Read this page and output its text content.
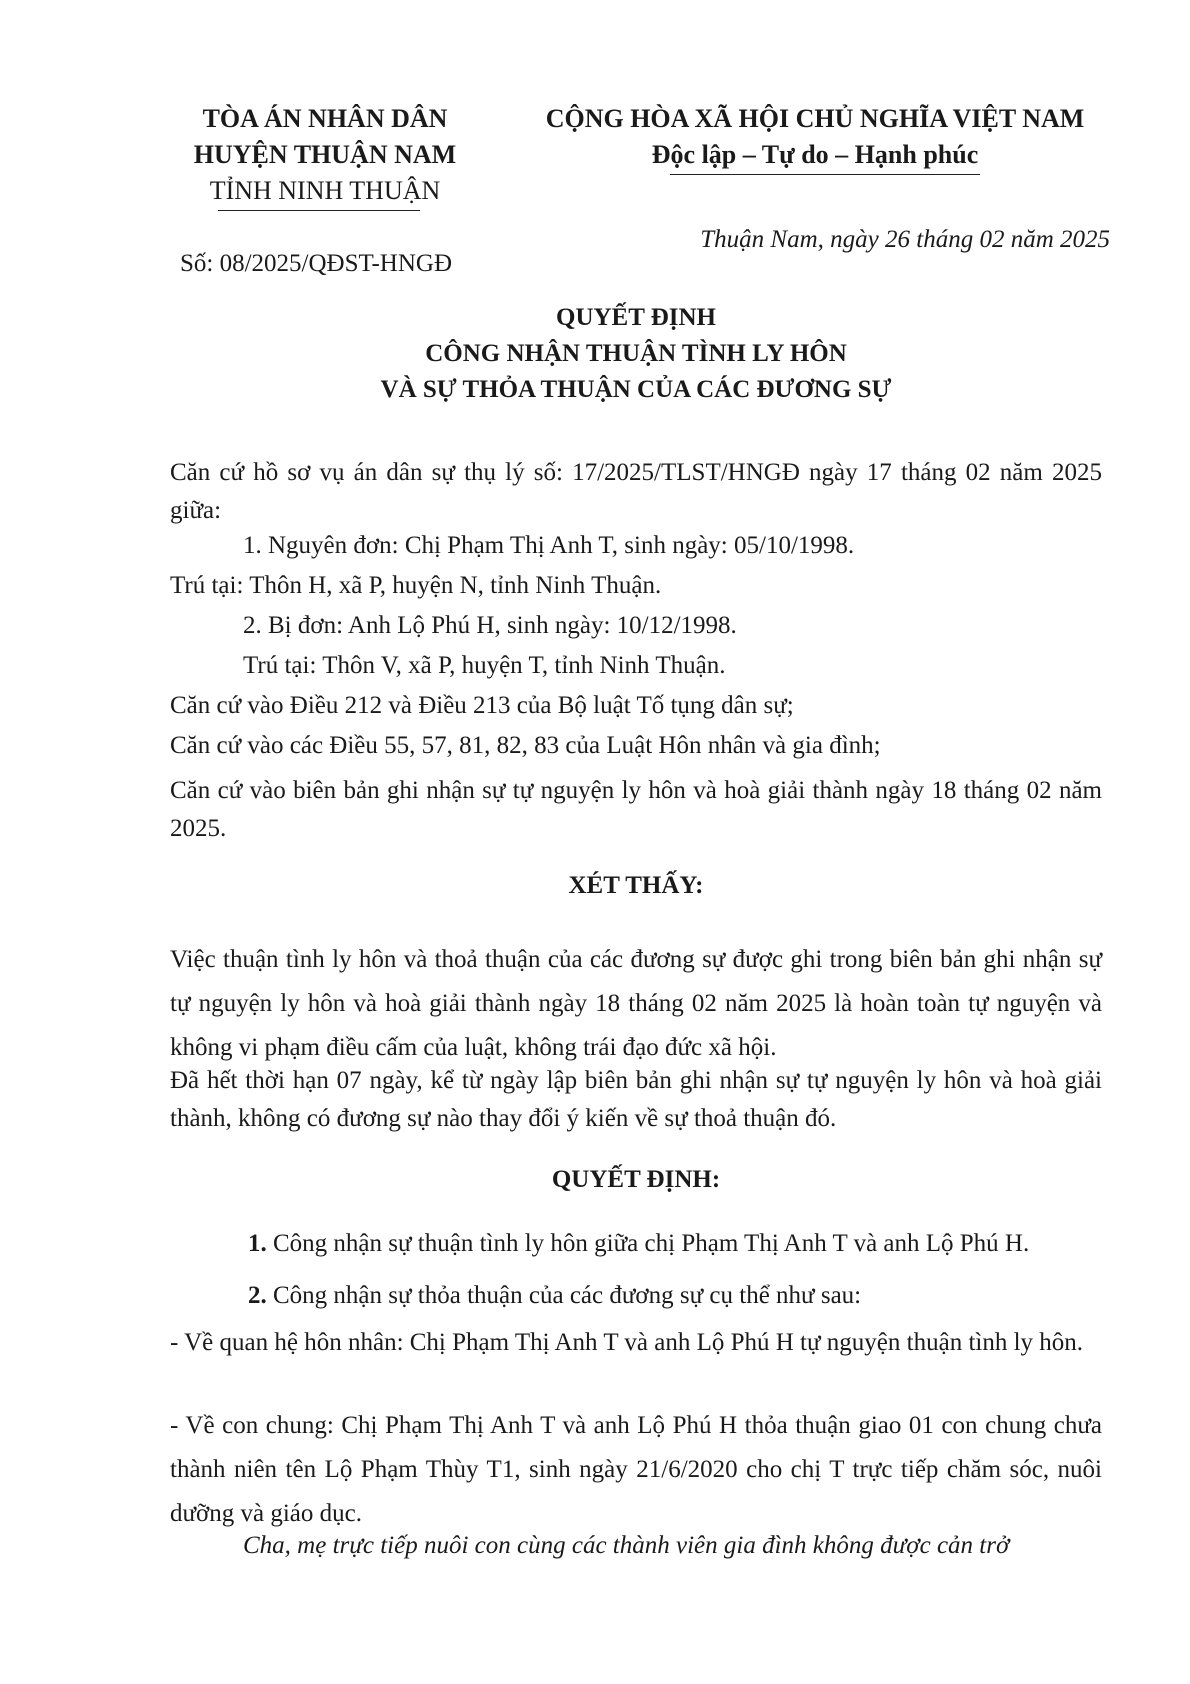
TÒA ÁN NHÂN DÂN
HUYỆN THUẬN NAM
TỈNH NINH THUẬN
Số: 08/2025/QĐST-HNGĐ
CỘNG HÒA XÃ HỘI CHỦ NGHĨA VIỆT NAM
Độc lập – Tự do – Hạnh phúc
Thuận Nam, ngày 26 tháng 02 năm 2025
QUYẾT ĐỊNH
CÔNG NHẬN THUẬN TÌNH LY HÔN
VÀ SỰ THỎA THUẬN CỦA CÁC ĐƯƠNG SỰ
Căn cứ hồ sơ vụ án dân sự thụ lý số: 17/2025/TLST/HNGĐ ngày 17 tháng 02 năm 2025 giữa:
1. Nguyên đơn: Chị Phạm Thị Anh T, sinh ngày: 05/10/1998.
Trú tại: Thôn H, xã P, huyện N, tỉnh Ninh Thuận.
2. Bị đơn: Anh Lộ Phú H, sinh ngày: 10/12/1998.
Trú tại: Thôn V, xã P, huyện T, tỉnh Ninh Thuận.
Căn cứ vào Điều 212 và Điều 213 của Bộ luật Tố tụng dân sự;
Căn cứ vào các Điều 55, 57, 81, 82, 83 của Luật Hôn nhân và gia đình;
Căn cứ vào biên bản ghi nhận sự tự nguyện ly hôn và hoà giải thành ngày 18 tháng 02 năm 2025.
XÉT THẤY:
Việc thuận tình ly hôn và thoả thuận của các đương sự được ghi trong biên bản ghi nhận sự tự nguyện ly hôn và hoà giải thành ngày 18 tháng 02 năm 2025 là hoàn toàn tự nguyện và không vi phạm điều cấm của luật, không trái đạo đức xã hội.
Đã hết thời hạn 07 ngày, kể từ ngày lập biên bản ghi nhận sự tự nguyện ly hôn và hoà giải thành, không có đương sự nào thay đổi ý kiến về sự thoả thuận đó.
QUYẾT ĐỊNH:
1. Công nhận sự thuận tình ly hôn giữa chị Phạm Thị Anh T và anh Lộ Phú H.
2. Công nhận sự thỏa thuận của các đương sự cụ thể như sau:
- Về quan hệ hôn nhân: Chị Phạm Thị Anh T và anh Lộ Phú H tự nguyện thuận tình ly hôn.
- Về con chung: Chị Phạm Thị Anh T và anh Lộ Phú H thỏa thuận giao 01 con chung chưa thành niên tên Lộ Phạm Thùy T1, sinh ngày 21/6/2020 cho chị T trực tiếp chăm sóc, nuôi dưỡng và giáo dục.
Cha, mẹ trực tiếp nuôi con cùng các thành viên gia đình không được cản trở
